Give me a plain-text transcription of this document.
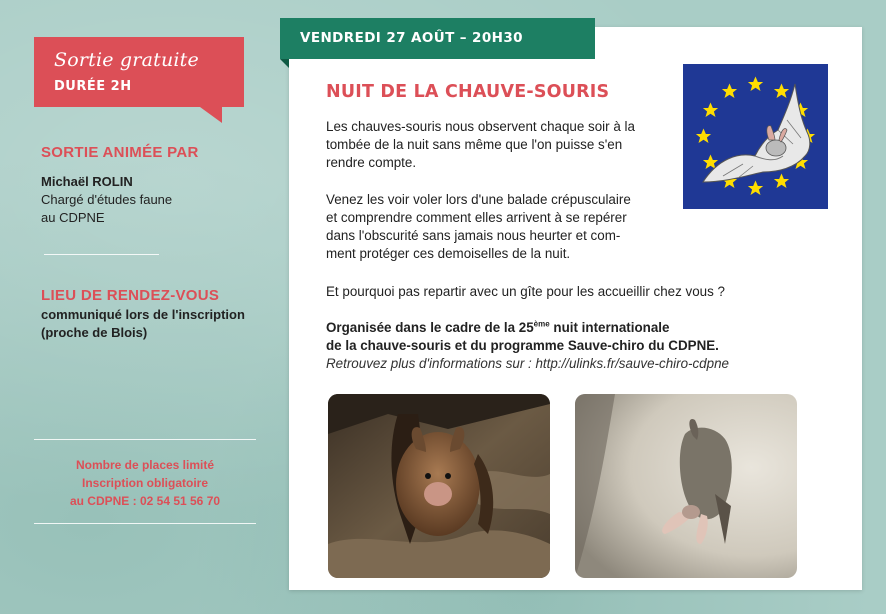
Sortie gratuite
DURÉE 2H
SORTIE ANIMÉE PAR
Michaël ROLIN
Chargé d'études faune
au CDPNE
LIEU DE RENDEZ-VOUS
communiqué lors de l'inscription
(proche de Blois)
Nombre de places limité
Inscription obligatoire
au CDPNE : 02 54 51 56 70
VENDREDI 27 AOÛT – 20H30
NUIT DE LA CHAUVE-SOURIS
Les chauves-souris nous observent chaque soir à la
tombée de la nuit sans même que l'on puisse s'en
rendre compte.
Venez les voir voler lors d'une balade crépusculaire
et comprendre comment elles arrivent à se repérer
dans l'obscurité sans jamais nous heurter et com-
ment protéger ces demoiselles de la nuit.
Et pourquoi pas repartir avec un gîte pour les accueillir chez vous ?
Organisée dans le cadre de la 25ème nuit internationale
de la chauve-souris et du programme Sauve-chiro du CDPNE.
Retrouvez plus d'informations sur : http://ulinks.fr/sauve-chiro-cdpne
